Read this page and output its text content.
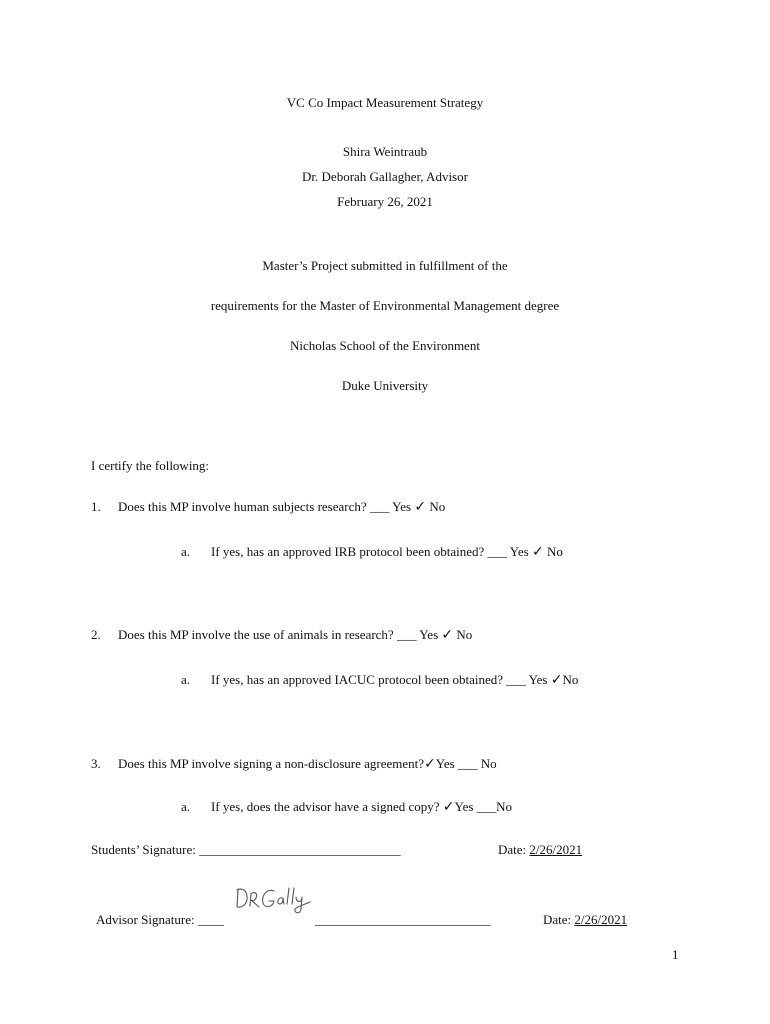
VC Co Impact Measurement Strategy
Shira Weintraub
Dr. Deborah Gallagher, Advisor
February 26, 2021
Master’s Project submitted in fulfillment of the
requirements for the Master of Environmental Management degree
Nicholas School of the Environment
Duke University
I certify the following:
1. Does this MP involve human subjects research? ___ Yes ✓ No
a. If yes, has an approved IRB protocol been obtained? ___ Yes ✓ No
2. Does this MP involve the use of animals in research? ___ Yes ✓ No
a. If yes, has an approved IACUC protocol been obtained? ___ Yes ✓No
3. Does this MP involve signing a non-disclosure agreement?✓Yes ___ No
a. If yes, does the advisor have a signed copy? ✓Yes ___No
Students’ Signature: _______________________________	Date: 2/26/2021
Advisor Signature: ____	___________________________	Date: 2/26/2021
1
